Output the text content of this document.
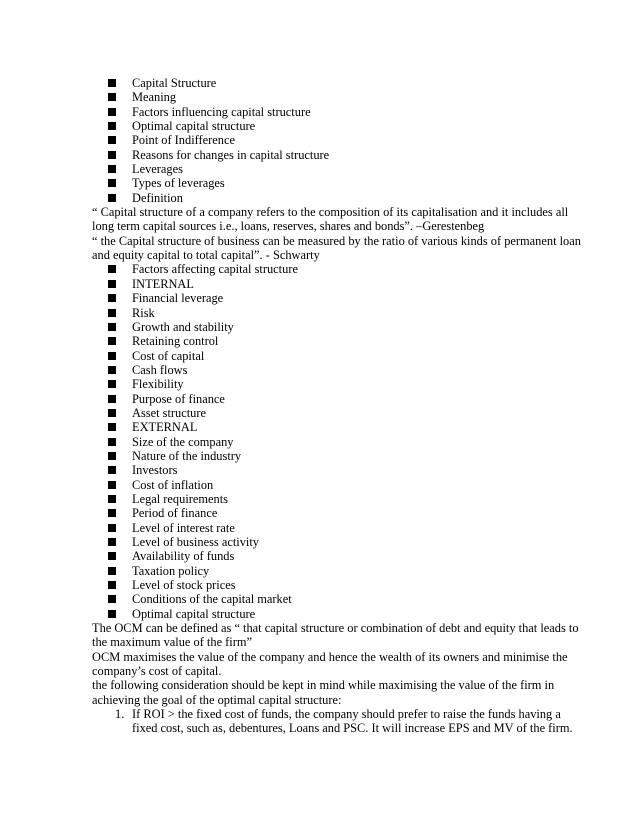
Capital Structure
Meaning
Factors influencing capital structure
Optimal capital structure
Point of Indifference
Reasons for changes in capital structure
Leverages
Types of leverages
Definition

“ Capital structure of a company refers to the composition of its capitalisation and it includes all long term capital sources i.e., loans, reserves, shares and bonds”. –Gerestenbeg

“ the Capital structure of business can be measured by the ratio of various kinds of permanent loan and equity capital to total capital”. - Schwarty

Factors affecting capital structure
INTERNAL
Financial leverage
Risk
Growth and stability
Retaining control
Cost of capital
Cash flows
Flexibility
Purpose of finance
Asset structure
EXTERNAL
Size of the company
Nature of the industry
Investors
Cost of inflation
Legal requirements
Period of finance
Level of interest rate
Level of business activity
Availability of funds
Taxation policy
Level of stock prices
Conditions of the capital market
Optimal capital structure

The OCM can be defined as “ that capital structure or combination of debt and equity that leads to the maximum value of the firm”

OCM maximises the value of the company and hence the wealth of its owners and minimise the company’s cost of capital.

the following consideration should be kept in mind while maximising the value of the firm in achieving the goal of the optimal capital structure:

1. If ROI > the fixed cost of funds, the company should prefer to raise the funds having a fixed cost, such as, debentures, Loans and PSC. It will increase EPS and MV of the firm.
